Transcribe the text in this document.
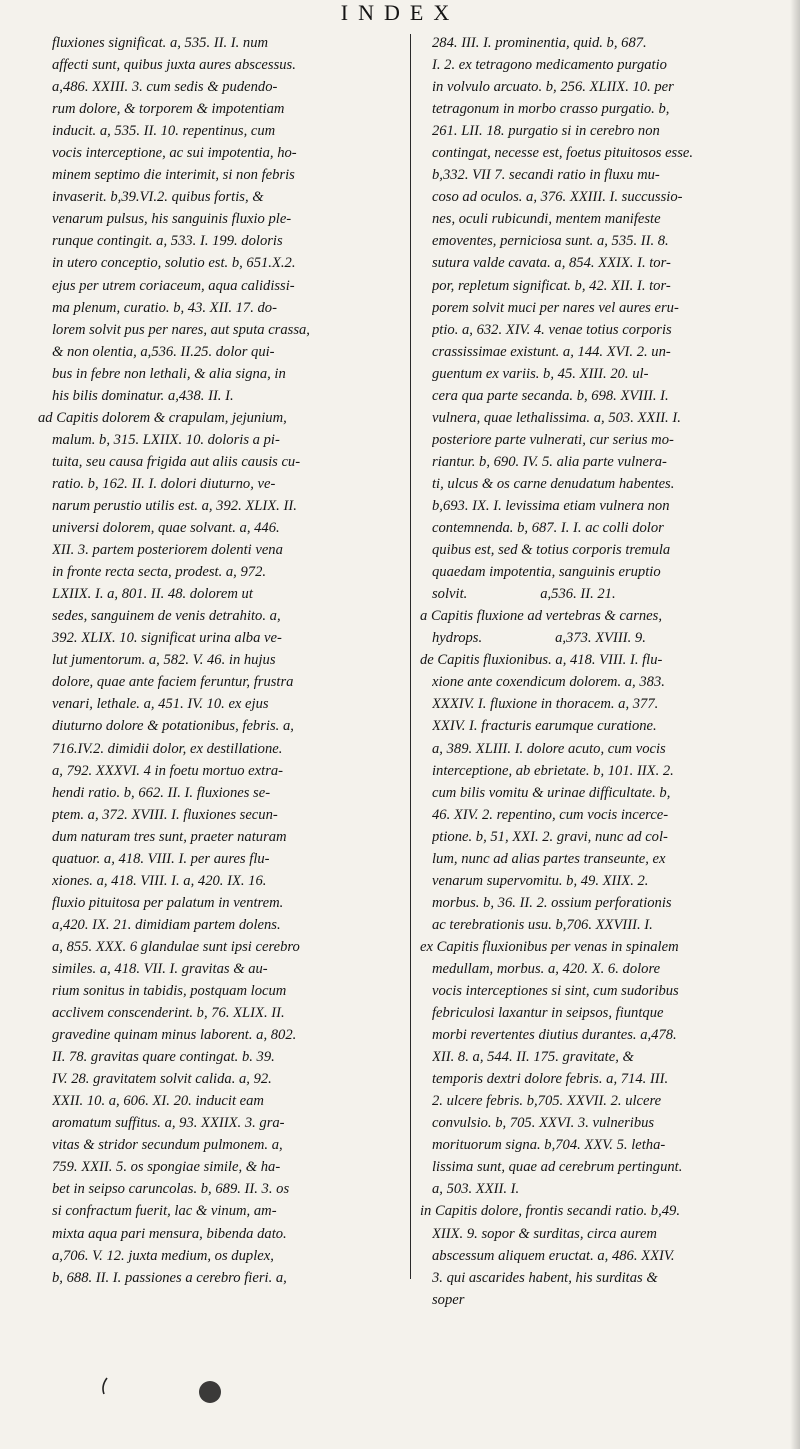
INDEX
fluxiones significat. a, 535. II. I. num
affecti sunt, quibus juxta aures abscessus.
a,486. XXIII. 3. cum sedis & pudendo-
rum dolore, & torporem & impotentiam
inducit. a, 535. II. 10. repentinus, cum
vocis interceptione, ac sui impotentia, ho-
minem septimo die interimit, si non febris
invaserit. b,39.VI.2. quibus fortis, &
venarum pulsus, his sanguinis fluxio ple-
runque contingit. a, 533. I. 199. doloris
in utero conceptio, solutio est. b, 651.X.2.
ejus per utrem coriaceum, aqua calidissi-
ma plenum, curatio. b, 43. XII. 17. do-
lorem solvit pus per nares, aut sputa crassa,
& non olentia, a,536. II.25. dolor qui-
bus in febre non lethali, & alia signa, in
his bilis dominatur. a,438. II. I.
ad Capitis dolorem & crapulam, jejunium,
malum. b, 315. LXIIX. 10. doloris a pi-
tuita, seu causa frigida aut aliis causis cu-
ratio. b, 162. II. I. dolori diuturno, ve-
narum perustio utilis est. a, 392. XLIX. II.
universi dolorem, quae solvant. a, 446.
XII. 3. partem posteriorem dolenti vena
in fronte recta secta, prodest. a, 972.
LXIIX. I. a, 801. II. 48. dolorem ut
sedes, sanguinem de venis detrahito. a,
392. XLIX. 10. significat urina alba ve-
lut jumentorum. a, 582. V. 46. in hujus
dolore, quae ante faciem feruntur, frustra
venari, lethale. a, 451. IV. 10. ex ejus
diuturno dolore & potationibus, febris. a,
716.IV.2. dimidii dolor, ex destillatione.
a, 792. XXXVI. 4 in foetu mortuo extra-
hendi ratio. b, 662. II. I. fluxiones se-
ptem. a, 372. XVIII. I. fluxiones secun-
dum naturam tres sunt, praeter naturam
quatuor. a, 418. VIII. I. per aures flu-
xiones. a, 418. VIII. I. a, 420. IX. 16.
fluxio pituitosa per palatum in ventrem.
a,420. IX. 21. dimidiam partem dolens.
a, 855. XXX. 6 glandulae sunt ipsi cerebro
similes. a, 418. VII. I. gravitas & au-
rium sonitus in tabidis, postquam locum
acclivem conscenderint. b, 76. XLIX. II.
gravedine quinam minus laborent. a, 802.
II. 78. gravitas quare contingat. b. 39.
IV. 28. gravitatem solvit calida. a, 92.
XXII. 10. a, 606. XI. 20. inducit eam
aromatum suffitus. a, 93. XXIIX. 3. gra-
vitas & stridor secundum pulmonem. a,
759. XXII. 5. os spongiae simile, & ha-
bet in seipso caruncolas. b, 689. II. 3. os
si confractum fuerit, lac & vinum, am-
mixta aqua pari mensura, bibenda dato.
a,706. V. 12. juxta medium, os duplex,
b, 688. II. I. passiones a cerebro fieri. a,
284. III. I. prominentia, quid. b, 687.
I. 2. ex tetragono medicamento purgatio
in volvulo arcuato. b, 256. XLIIX. 10. per
tetragonum in morbo crasso purgatio. b,
261. LII. 18. purgatio si in cerebro non
contingat, necesse est, foetus pituitosos esse.
b,332. VII 7. secandi ratio in fluxu mu-
coso ad oculos. a, 376. XXIII. I. succussio-
nes, oculi rubicundi, mentem manifeste
emoventes, perniciosa sunt. a, 535. II. 8.
sutura valde cavata. a, 854. XXIX. I. tor-
por, repletum significat. b, 42. XII. I. tor-
porem solvit muci per nares vel aures eru-
ptio. a, 632. XIV. 4. venae totius corporis
crassissimae existunt. a, 144. XVI. 2. un-
guentum ex variis. b, 45. XIII. 20. ul-
cera qua parte secanda. b, 698. XVIII. I.
vulnera, quae lethalissima. a, 503. XXII. I.
posteriore parte vulnerati, cur serius mo-
riantur. b, 690. IV. 5. alia parte vulnera-
ti, ulcus & os carne denudatum habentes.
b,693. IX. I. levissima etiam vulnera non
contemnenda. b, 687. I. I. ac colli dolor
quibus est, sed & totius corporis tremula
quaedam impotentia, sanguinis eruptio
solvit.                    a,536. II. 21.
a Capitis fluxione ad vertebras & carnes,
hydrops.                    a,373. XVIII. 9.
de Capitis fluxionibus. a, 418. VIII. I. flu-
xione ante coxendicum dolorem. a, 383.
XXXIV. I. fluxione in thoracem. a, 377.
XXIV. I. fracturis earumque curatione.
a, 389. XLIII. I. dolore acuto, cum vocis
interceptione, ab ebrietate. b, 101. IIX. 2.
cum bilis vomitu & urinae difficultate. b,
46. XIV. 2. repentino, cum vocis incerce-
ptione. b, 51, XXI. 2. gravi, nunc ad col-
lum, nunc ad alias partes transeunte, ex
venarum supervomitu. b, 49. XIIX. 2.
morbus. b, 36. II. 2. ossium perforationis
ac terebrationis usu. b,706. XXVIII. I.
ex Capitis fluxionibus per venas in spinalem
medullam, morbus. a, 420. X. 6. dolore
vocis interceptiones si sint, cum sudoribus
febriculosi laxantur in seipsos, fiuntque
morbi revertentes diutius durantes. a,478.
XII. 8. a, 544. II. 175. gravitate, &
temporis dextri dolore febris. a, 714. III.
2. ulcere febris. b,705. XXVII. 2. ulcere
convulsio. b, 705. XXVI. 3. vulneribus
morituorum signa. b,704. XXV. 5. letha-
lissima sunt, quae ad cerebrum pertingunt.
a, 503. XXII. I.
in Capitis dolore, frontis secandi ratio. b,49.
XIIX. 9. sopor & surditas, circa aurem
abscessum aliquem eructat. a, 486. XXIV.
3. qui ascarides habent, his surditas &
soper
